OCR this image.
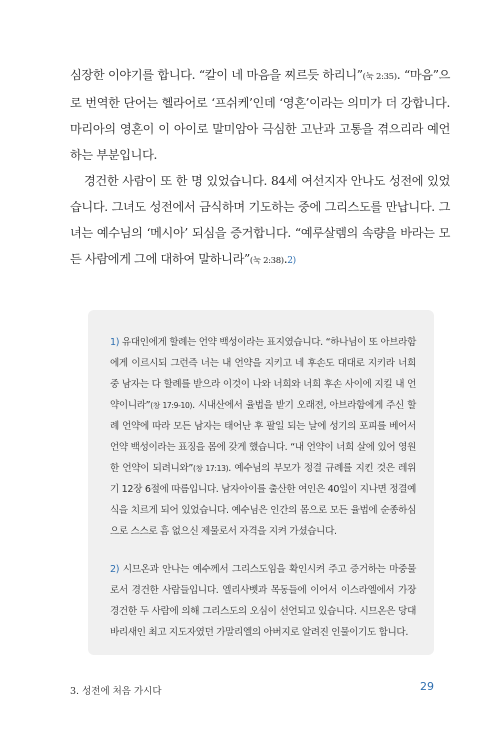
심장한 이야기를 합니다. “칼이 네 마음을 찌르듯 하리니”(눅 2:35). “마음”으로 번역한 단어는 헬라어로 ‘프쉬케’인데 ‘영혼’이라는 의미가 더 강합니다. 마리아의 영혼이 이 아이로 말미암아 극심한 고난과 고통을 겪으리라 예언하는 부분입니다.

경건한 사람이 또 한 명 있었습니다. 84세 여선지자 안나도 성전에 있었습니다. 그녀도 성전에서 금식하며 기도하는 중에 그리스도를 만납니다. 그녀는 예수님의 ‘메시아’ 되심을 증거합니다. “예루살렘의 속량을 바라는 모든 사람에게 그에 대하여 말하니라”(눅 2:38).2)

1) 유대인에게 할례는 언약 백성이라는 표지였습니다. “하나님이 또 아브라함에게 이르시되 그런즉 너는 내 언약을 지키고 네 후손도 대대로 지키라 너희 중 남자는 다 할례를 받으라 이것이 나와 너희와 너희 후손 사이에 지킬 내 언약이니라”(창 17:9-10). 시내산에서 율법을 받기 오래전, 아브라함에게 주신 할례 언약에 따라 모든 남자는 태어난 후 팔일 되는 날에 성기의 포피를 베어서 언약 백성이라는 표징을 몸에 갖게 했습니다. “내 언약이 너희 살에 있어 영원한 언약이 되려니와”(창 17:13). 예수님의 부모가 정결 규례를 지킨 것은 레위기 12장 6절에 따름입니다. 남자아이를 출산한 여인은 40일이 지나면 정결예식을 치르게 되어 있었습니다. 예수님은 인간의 몸으로 모든 율법에 순종하심으로 스스로 흠 없으신 제물로서 자격을 지켜 가셨습니다.

2) 시므온과 안나는 예수께서 그리스도임을 확인시켜 주고 증거하는 마중물로서 경건한 사람들입니다. 엘리사벳과 목동들에 이어서 이스라엘에서 가장 경건한 두 사람에 의해 그리스도의 오심이 선언되고 있습니다. 시므온은 당대 바리새인 최고 지도자였던 가말리엘의 아버지로 알려진 인물이기도 합니다.

3. 성전에 처음 가시다	29
